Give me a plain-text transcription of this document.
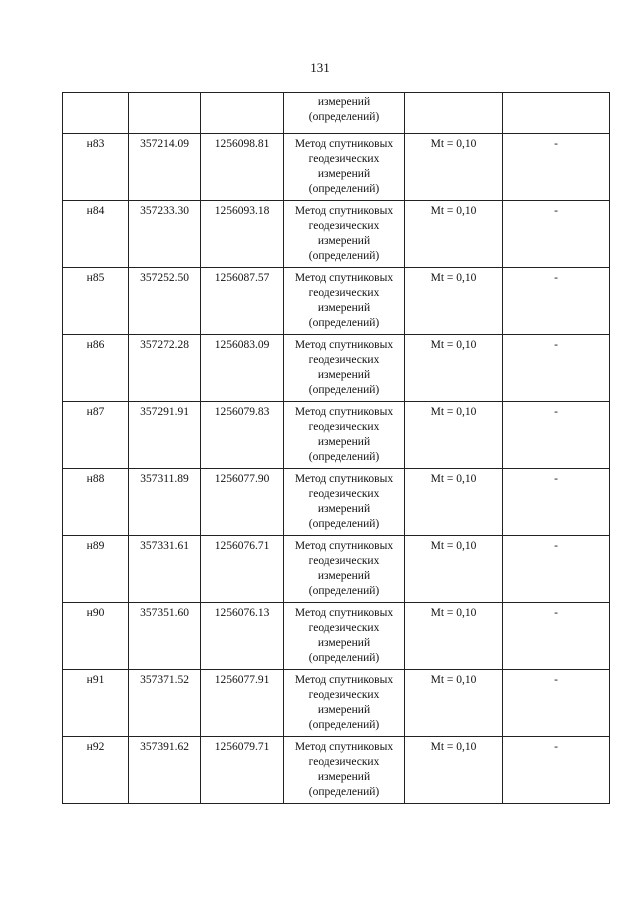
131

			измерений
(определений)		

н83	357214.09	1256098.81	Метод спутниковых
геодезических
измерений
(определений)	Mt = 0,10	-
н84	357233.30	1256093.18	Метод спутниковых
геодезических
измерений
(определений)	Mt = 0,10	-
н85	357252.50	1256087.57	Метод спутниковых
геодезических
измерений
(определений)	Mt = 0,10	-
н86	357272.28	1256083.09	Метод спутниковых
геодезических
измерений
(определений)	Mt = 0,10	-
н87	357291.91	1256079.83	Метод спутниковых
геодезических
измерений
(определений)	Mt = 0,10	-
н88	357311.89	1256077.90	Метод спутниковых
геодезических
измерений
(определений)	Mt = 0,10	-
н89	357331.61	1256076.71	Метод спутниковых
геодезических
измерений
(определений)	Mt = 0,10	-
н90	357351.60	1256076.13	Метод спутниковых
геодезических
измерений
(определений)	Mt = 0,10	-
н91	357371.52	1256077.91	Метод спутниковых
геодезических
измерений
(определений)	Mt = 0,10	-
н92	357391.62	1256079.71	Метод спутниковых
геодезических
измерений
(определений)	Mt = 0,10	-
